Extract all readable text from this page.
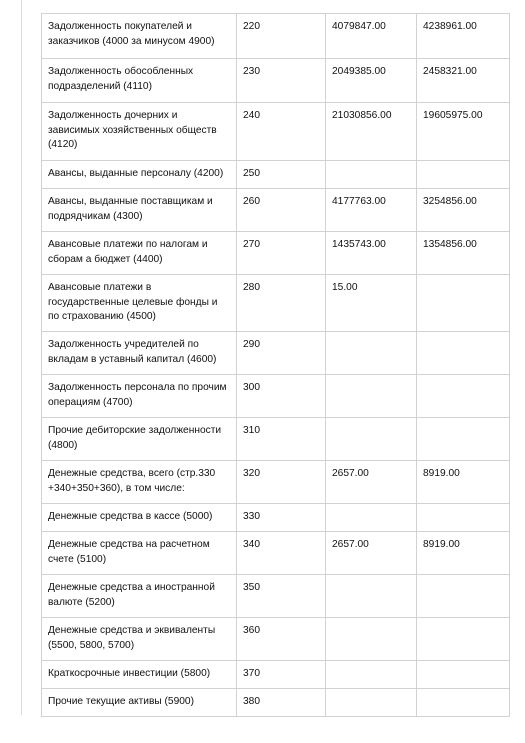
Задолженность покупателей и заказчиков (4000 за минусом 4900)	220	4079847.00	4238961.00
Задолженность обособленных подразделений (4110)	230	2049385.00	2458321.00
Задолженность дочерних и зависимых хозяйственных обществ (4120)	240	21030856.00	19605975.00
Авансы, выданные персоналу (4200)	250		
Авансы, выданные поставщикам и подрядчикам (4300)	260	4177763.00	3254856.00
Авансовые платежи по налогам и сборам а бюджет (4400)	270	1435743.00	1354856.00
Авансовые платежи в государственные целевые фонды и по страхованию (4500)	280	15.00	
Задолженность учредителей по вкладам в уставный капитал (4600)	290		
Задолженность персонала по прочим операциям (4700)	300		
Прочие дебиторские задолженности (4800)	310		
Денежные средства, всего (стр.330 +340+350+360), в том числе:	320	2657.00	8919.00
Денежные средства в кассе (5000)	330		
Денежные средства на расчетном счете (5100)	340	2657.00	8919.00
Денежные средства а иностранной валюте (5200)	350		
Денежные средства и эквиваленты (5500, 5800, 5700)	360		
Краткосрочные инвестиции (5800)	370		
Прочие текущие активы (5900)	380		
